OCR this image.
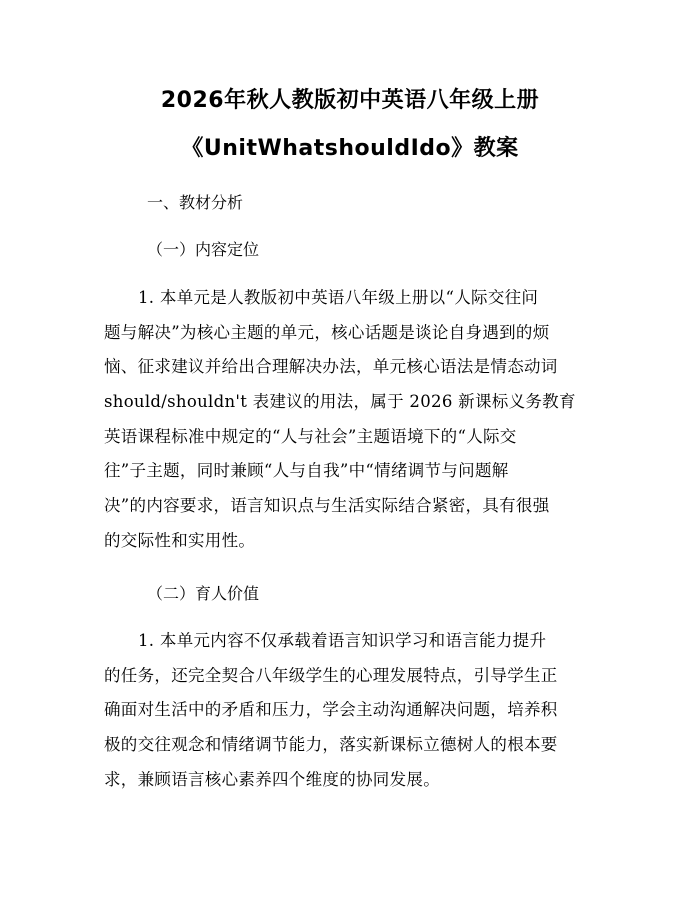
2026年秋人教版初中英语八年级上册
《UnitWhatshouldIdo》教案
一、教材分析
（一）内容定位
1. 本单元是人教版初中英语八年级上册以“人际交往问
题与解决”为核心主题的单元，核心话题是谈论自身遇到的烦
恼、征求建议并给出合理解决办法，单元核心语法是情态动词
should/shouldn't 表建议的用法，属于 2026 新课标义务教育
英语课程标准中规定的“人与社会”主题语境下的“人际交
往”子主题，同时兼顾“人与自我”中“情绪调节与问题解
决”的内容要求，语言知识点与生活实际结合紧密，具有很强
的交际性和实用性。
（二）育人价值
1. 本单元内容不仅承载着语言知识学习和语言能力提升
的任务，还完全契合八年级学生的心理发展特点，引导学生正
确面对生活中的矛盾和压力，学会主动沟通解决问题，培养积
极的交往观念和情绪调节能力，落实新课标立德树人的根本要
求，兼顾语言核心素养四个维度的协同发展。
